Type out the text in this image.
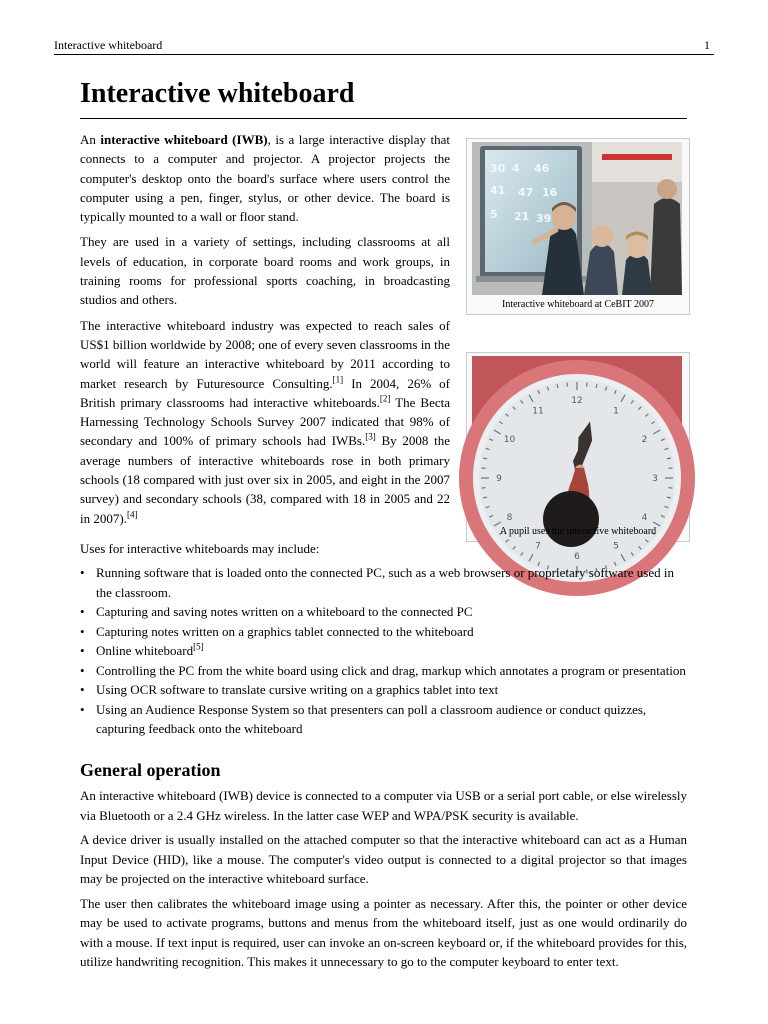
Interactive whiteboard	1
Interactive whiteboard

An interactive whiteboard (IWB), is a large interactive display that connects to a computer and projector. A projector projects the computer's desktop onto the board's surface where users control the computer using a pen, finger, stylus, or other device. The board is typically mounted to a wall or floor stand.

They are used in a variety of settings, including classrooms at all levels of education, in corporate board rooms and work groups, in training rooms for professional sports coaching, in broadcasting studios and others.

The interactive whiteboard industry was expected to reach sales of US$1 billion worldwide by 2008; one of every seven classrooms in the world will feature an interactive whiteboard by 2011 according to market research by Futuresource Consulting.[1] In 2004, 26% of British primary classrooms had interactive whiteboards.[2] The Becta Harnessing Technology Schools Survey 2007 indicated that 98% of secondary and 100% of primary schools had IWBs.[3] By 2008 the average numbers of interactive whiteboards rose in both primary schools (18 compared with just over six in 2005, and eight in the 2007 survey) and secondary schools (38, compared with 18 in 2005 and 22 in 2007).[4]

30 4 46
41 47 16
5 21 39
Interactive whiteboard at CeBIT 2007
12
1
2
3
4
5
6
7
8
9
10
11
A pupil uses the interactive whiteboard
Uses for interactive whiteboards may include:
• Running software that is loaded onto the connected PC, such as a web browsers or proprietary software used in the classroom.
• Capturing and saving notes written on a whiteboard to the connected PC
• Capturing notes written on a graphics tablet connected to the whiteboard
• Online whiteboard[5]
• Controlling the PC from the white board using click and drag, markup which annotates a program or presentation
• Using OCR software to translate cursive writing on a graphics tablet into text
• Using an Audience Response System so that presenters can poll a classroom audience or conduct quizzes, capturing feedback onto the whiteboard
General operation

An interactive whiteboard (IWB) device is connected to a computer via USB or a serial port cable, or else wirelessly via Bluetooth or a 2.4 GHz wireless. In the latter case WEP and WPA/PSK security is available.

A device driver is usually installed on the attached computer so that the interactive whiteboard can act as a Human Input Device (HID), like a mouse. The computer's video output is connected to a digital projector so that images may be projected on the interactive whiteboard surface.

The user then calibrates the whiteboard image using a pointer as necessary. After this, the pointer or other device may be used to activate programs, buttons and menus from the whiteboard itself, just as one would ordinarily do with a mouse. If text input is required, user can invoke an on-screen keyboard or, if the whiteboard provides for this, utilize handwriting recognition. This makes it unnecessary to go to the computer keyboard to enter text.
